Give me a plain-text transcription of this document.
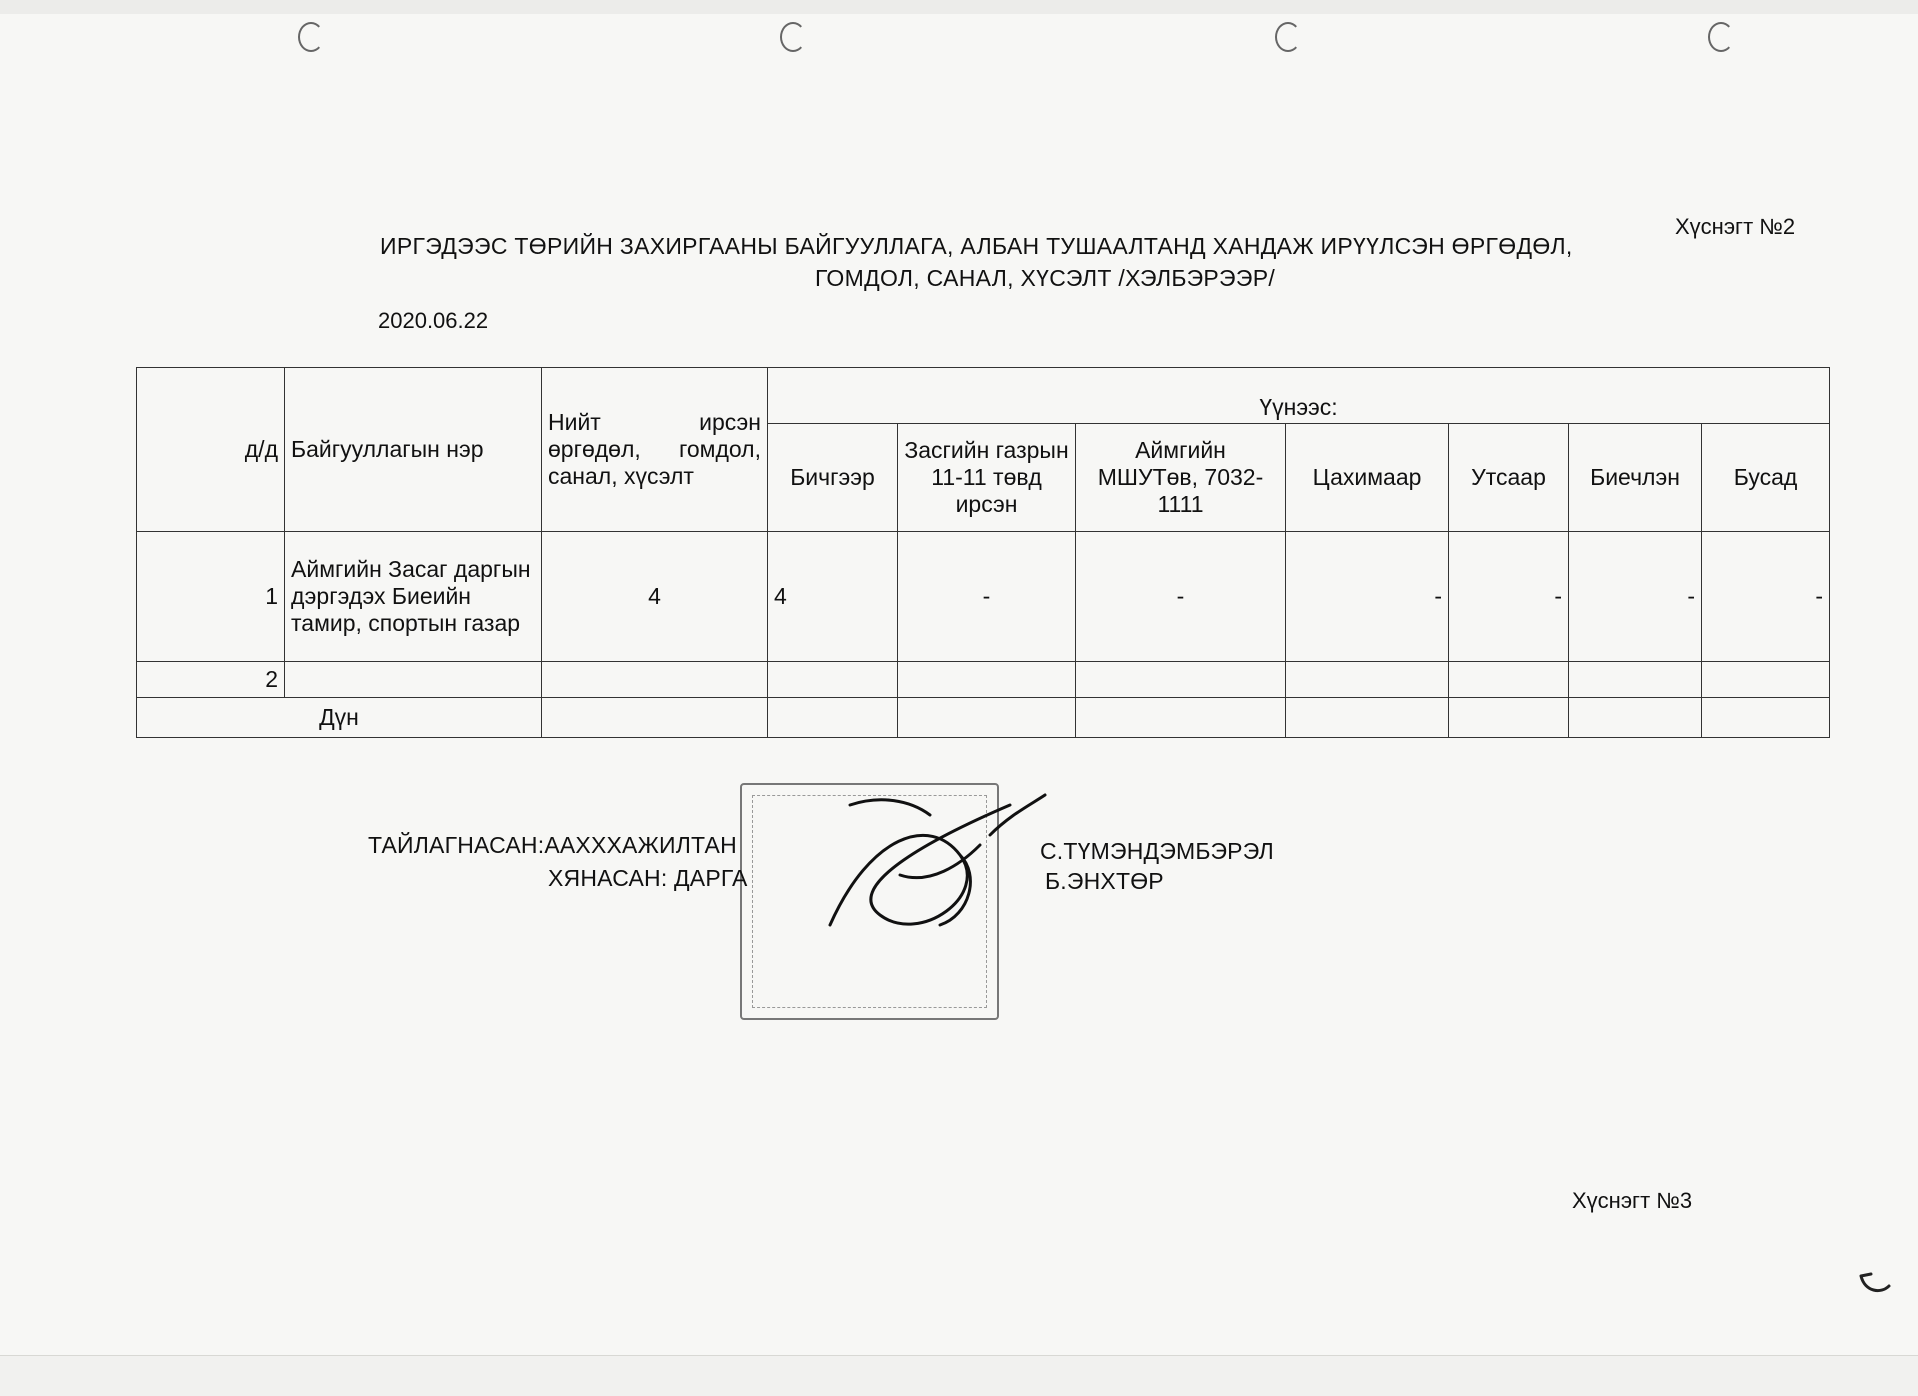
Хүснэгт №2
ИРГЭДЭЭС ТӨРИЙН ЗАХИРГААНЫ БАЙГУУЛЛАГА, АЛБАН ТУШААЛТАНД ХАНДАЖ ИРҮҮЛСЭН ӨРГӨДӨЛ,
ГОМДОЛ, САНАЛ, ХҮСЭЛТ /ХЭЛБЭРЭЭР/
2020.06.22
д/д	Байгууллагын нэр	Нийт ирсэн өргөдөл, гомдол, санал, хүсэлт	Үүнээс:						
			Бичгээр	Засгийн газрын 11-11 төвд ирсэн	Аймгийн МШУТөв, 7032-1111	Цахимаар	Утсаар	Биечлэн	Бусад
1	Аймгийн Засаг даргын дэргэдэх Биеийн тамир, спортын газар	4	4	-	-	-	-	-	-
2									
Дүн									
ТАЙЛАГНАСАН:ААХХХАЖИЛТАН
ХЯНАСАН: ДАРГА
С.ТҮМЭНДЭМБЭРЭЛ
Б.ЭНХТӨР
Хүснэгт №3
